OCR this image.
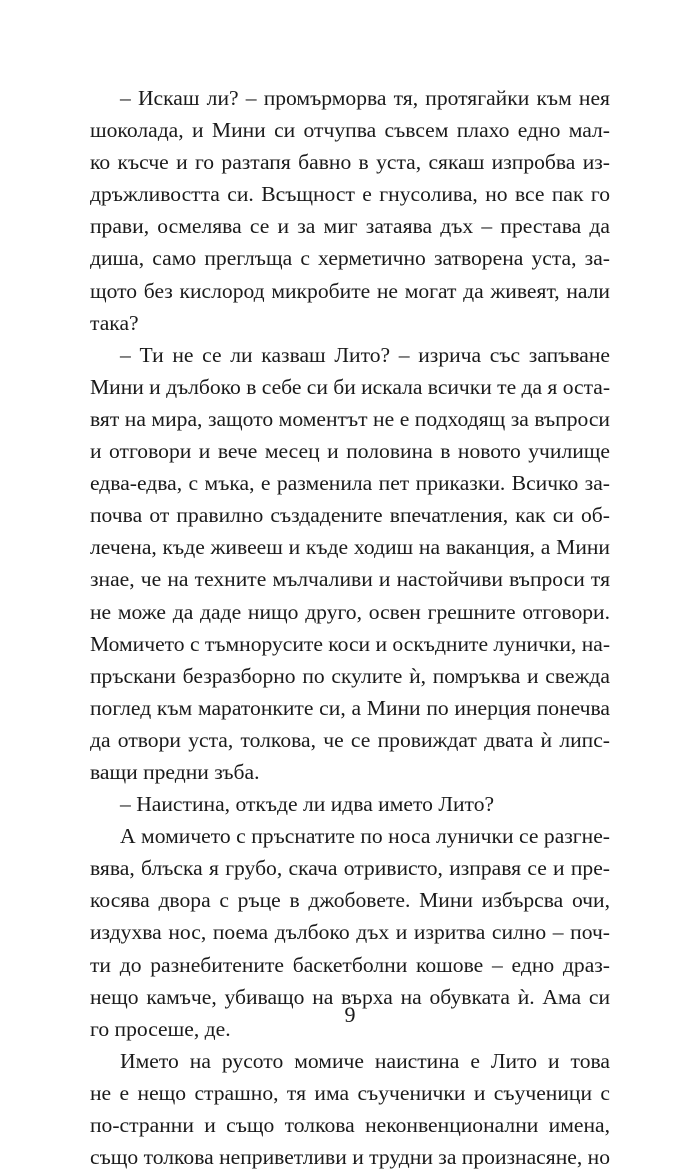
– Искаш ли? – промърморва тя, протягайки към нея
шоколада, и Мини си отчупва съвсем плахо едно мал-
ко късче и го разтапя бавно в уста, сякаш изпробва из-
дръжливостта си. Всъщност е гнусолива, но все пак го
прави, осмелява се и за миг затаява дъх – престава да
диша, само преглъща с херметично затворена уста, за-
щото без кислород микробите не могат да живеят, нали
така?
– Ти не се ли казваш Лито? – изрича със запъване
Мини и дълбоко в себе си би искала всички те да я оста-
вят на мира, защото моментът не е подходящ за въпроси
и отговори и вече месец и половина в новото училище
едва-едва, с мъка, е разменила пет приказки. Всичко за-
почва от правилно създадените впечатления, как си об-
лечена, къде живееш и къде ходиш на ваканция, а Мини
знае, че на техните мълчаливи и настойчиви въпроси тя
не може да даде нищо друго, освен грешните отговори.
Момичето с тъмнорусите коси и оскъдните лунички, на-
пръскани безразборно по скулите ѝ, помръква и свежда
поглед към маратонките си, а Мини по инерция понечва
да отвори уста, толкова, че се провиждат двата ѝ липс-
ващи предни зъба.
– Наистина, откъде ли идва името Лито?
А момичето с пръснатите по носа лунички се разгне-
вява, блъска я грубо, скача отривисто, изправя се и пре-
косява двора с ръце в джобовете. Мини избърсва очи,
издухва нос, поема дълбоко дъх и изритва силно – поч-
ти до разнебитените баскетболни кошове – едно драз-
нещо камъче, убиващо на върха на обувката ѝ. Ама си
го просеше, де.
Името на русото момиче наистина е Лито и това
не е нещо страшно, тя има съученички и съученици с
по-странни и също толкова неконвенционални имена,
също толкова неприветливи и трудни за произнасяне, но
9
